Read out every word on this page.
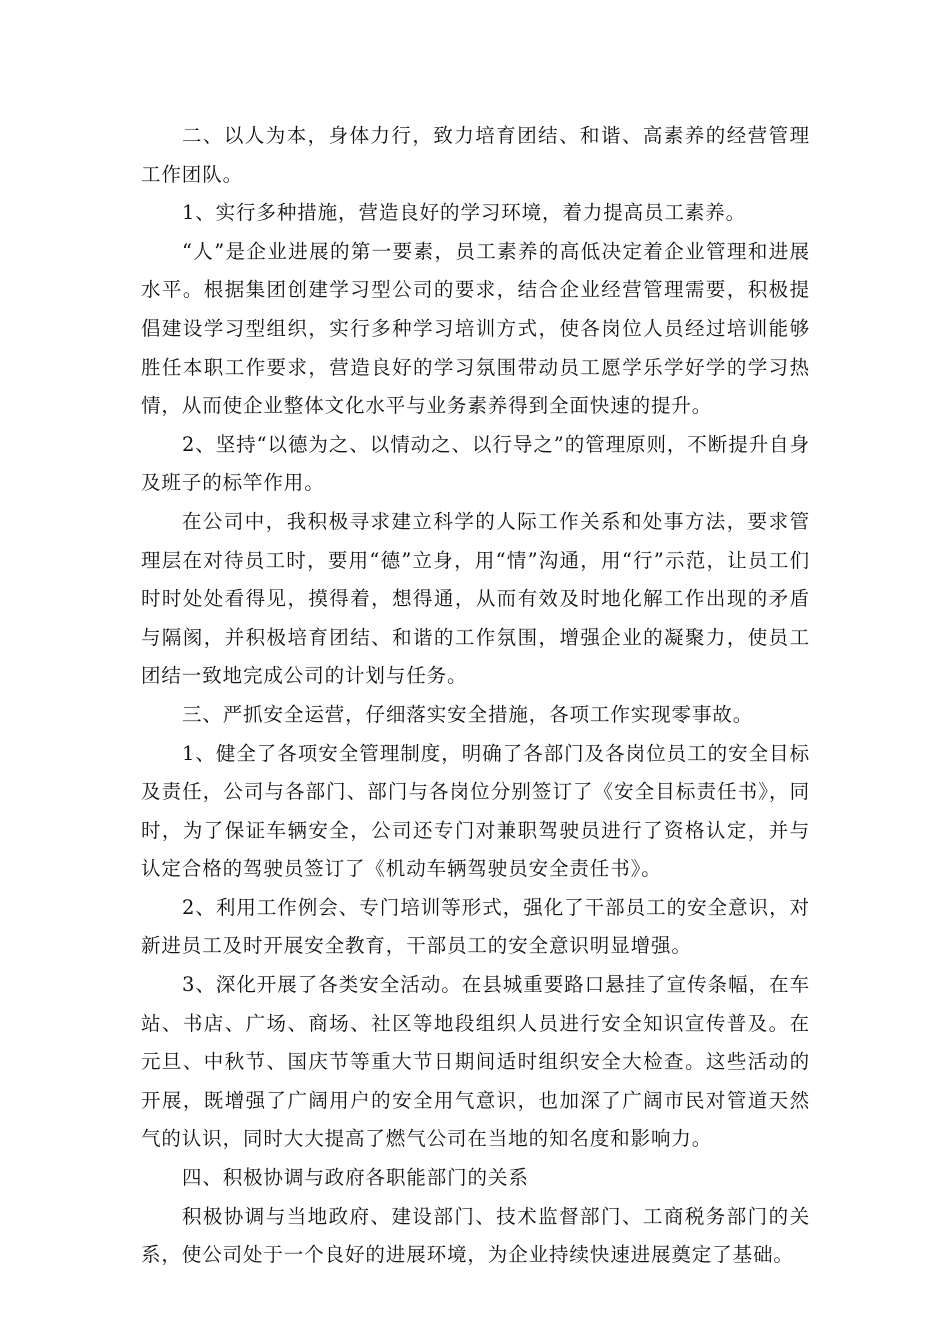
二、以人为本，身体力行，致力培育团结、和谐、高素养的经营管理工作团队。

1、实行多种措施，营造良好的学习环境，着力提高员工素养。

“人”是企业进展的第一要素，员工素养的高低决定着企业管理和进展水平。根据集团创建学习型公司的要求，结合企业经营管理需要，积极提倡建设学习型组织，实行多种学习培训方式，使各岗位人员经过培训能够胜任本职工作要求，营造良好的学习氛围带动员工愿学乐学好学的学习热情，从而使企业整体文化水平与业务素养得到全面快速的提升。

2、坚持“以德为之、以情动之、以行导之”的管理原则，不断提升自身及班子的标竿作用。

在公司中，我积极寻求建立科学的人际工作关系和处事方法，要求管理层在对待员工时，要用“德”立身，用“情”沟通，用“行”示范，让员工们时时处处看得见，摸得着，想得通，从而有效及时地化解工作出现的矛盾与隔阂，并积极培育团结、和谐的工作氛围，增强企业的凝聚力，使员工团结一致地完成公司的计划与任务。

三、严抓安全运营，仔细落实安全措施，各项工作实现零事故。

1、健全了各项安全管理制度，明确了各部门及各岗位员工的安全目标及责任，公司与各部门、部门与各岗位分别签订了《安全目标责任书》，同时，为了保证车辆安全，公司还专门对兼职驾驶员进行了资格认定，并与认定合格的驾驶员签订了《机动车辆驾驶员安全责任书》。

2、利用工作例会、专门培训等形式，强化了干部员工的安全意识，对新进员工及时开展安全教育，干部员工的安全意识明显增强。

3、深化开展了各类安全活动。在县城重要路口悬挂了宣传条幅，在车站、书店、广场、商场、社区等地段组织人员进行安全知识宣传普及。在元旦、中秋节、国庆节等重大节日期间适时组织安全大检查。这些活动的开展，既增强了广阔用户的安全用气意识，也加深了广阔市民对管道天然气的认识，同时大大提高了燃气公司在当地的知名度和影响力。

四、积极协调与政府各职能部门的关系

积极协调与当地政府、建设部门、技术监督部门、工商税务部门的关系，使公司处于一个良好的进展环境，为企业持续快速进展奠定了基础。
